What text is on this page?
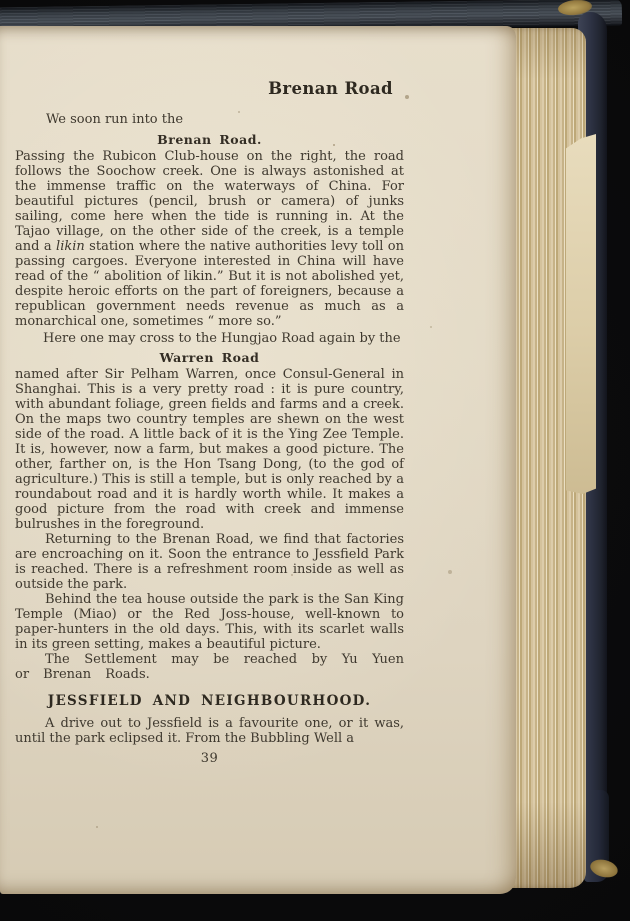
Brenan Road

We soon run into the

Brenan Road.

Passing the Rubicon Club-house on the right, the road follows the Soochow creek. One is always astonished at the immense traffic on the waterways of China. For beautiful pictures (pencil, brush or camera) of junks sailing, come here when the tide is running in. At the Tajao village, on the other side of the creek, is a temple and a likin station where the native authorities levy toll on passing cargoes. Everyone interested in China will have read of the “ abolition of likin.” But it is not abolished yet, despite heroic efforts on the part of foreigners, because a republican government needs revenue as much as a monarchical one, sometimes “ more so.”

Here one may cross to the Hungjao Road again by the

Warren Road

named after Sir Pelham Warren, once Consul-General in Shanghai. This is a very pretty road : it is pure country, with abundant foliage, green fields and farms and a creek. On the maps two country temples are shewn on the west side of the road. A little back of it is the Ying Zee Temple. It is, however, now a farm, but makes a good picture. The other, farther on, is the Hon Tsang Dong, (to the god of agriculture.) This is still a temple, but is only reached by a roundabout road and it is hardly worth while. It makes a good picture from the road with creek and immense bulrushes in the foreground.

Returning to the Brenan Road, we find that factories are encroaching on it. Soon the entrance to Jessfield Park is reached. There is a refreshment room inside as well as outside the park.

Behind the tea house outside the park is the San King Temple (Miao) or the Red Joss-house, well-known to paper-hunters in the old days. This, with its scarlet walls in its green setting, makes a beautiful picture.

The Settlement may be reached by Yu Yuen or Brenan Roads.

JESSFIELD AND NEIGHBOURHOOD.

A drive out to Jessfield is a favourite one, or it was, until the park eclipsed it. From the Bubbling Well a

39
